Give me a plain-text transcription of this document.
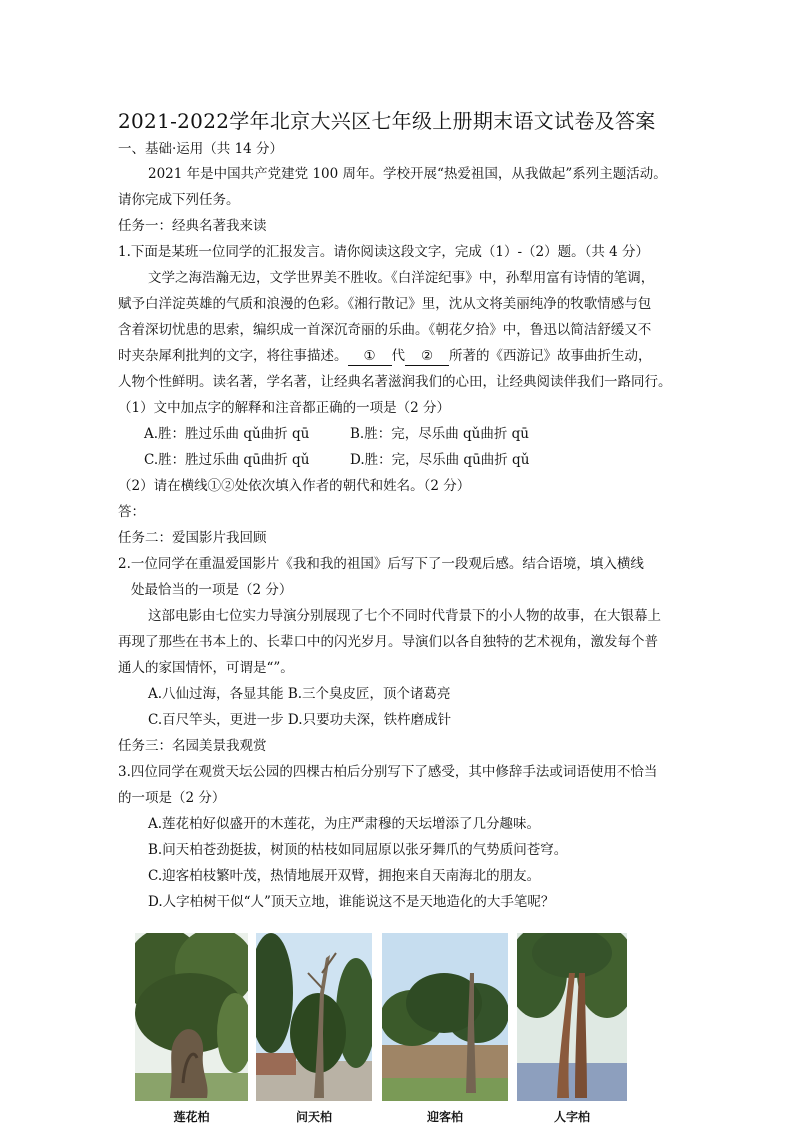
2021-2022学年北京大兴区七年级上册期末语文试卷及答案
一、基础·运用（共 14 分）
2021 年是中国共产党建党 100 周年。学校开展“热爱祖国，从我做起”系列主题活动。
请你完成下列任务。
任务一：经典名著我来读
1.下面是某班一位同学的汇报发言。请你阅读这段文字，完成（1）-（2）题。（共 4 分）
文学之海浩瀚无边，文学世界美不胜收。《白洋淀纪事》中，孙犁用富有诗情的笔调，
赋予白洋淀英雄的气质和浪漫的色彩。《湘行散记》里，沈从文将美丽纯净的牧歌情感与包
含着深切忧患的思索，编织成一首深沉奇丽的乐曲。《朝花夕拾》中，鲁迅以简洁舒缓又不
时夹杂犀利批判的文字，将往事描述。 ① 代 ② 所著的《西游记》故事曲折生动，
人物个性鲜明。读名著，学名著，让经典名著滋润我们的心田，让经典阅读伴我们一路同行。
（1）文中加点字的解释和注音都正确的一项是（2 分）
A.胜：胜过乐曲 qǔ曲折 qū	B.胜：完，尽乐曲 qǔ曲折 qū
C.胜：胜过乐曲 qū曲折 qǔ	D.胜：完，尽乐曲 qū曲折 qǔ
（2）请在横线①②处依次填入作者的朝代和姓名。（2 分）
答：
任务二：爱国影片我回顾
2.一位同学在重温爱国影片《我和我的祖国》后写下了一段观后感。结合语境，填入横线
处最恰当的一项是（2 分）
这部电影由七位实力导演分别展现了七个不同时代背景下的小人物的故事，在大银幕上
再现了那些在书本上的、长辈口中的闪光岁月。导演们以各自独特的艺术视角，激发每个普
通人的家国情怀，可谓是“”。
A.八仙过海，各显其能 B.三个臭皮匠，顶个诸葛亮
C.百尺竿头，更进一步 D.只要功夫深，铁杵磨成针
任务三：名园美景我观赏
3.四位同学在观赏天坛公园的四棵古柏后分别写下了感受，其中修辞手法或词语使用不恰当
的一项是（2 分）
A.莲花柏好似盛开的木莲花，为庄严肃穆的天坛增添了几分趣味。
B.问天柏苍劲挺拔，树顶的枯枝如同屈原以张牙舞爪的气势质问苍穹。
C.迎客柏枝繁叶茂，热情地展开双臂，拥抱来自天南海北的朋友。
D.人字柏树干似“人”顶天立地，谁能说这不是天地造化的大手笔呢？
莲花柏	问天柏	迎客柏	人字柏
